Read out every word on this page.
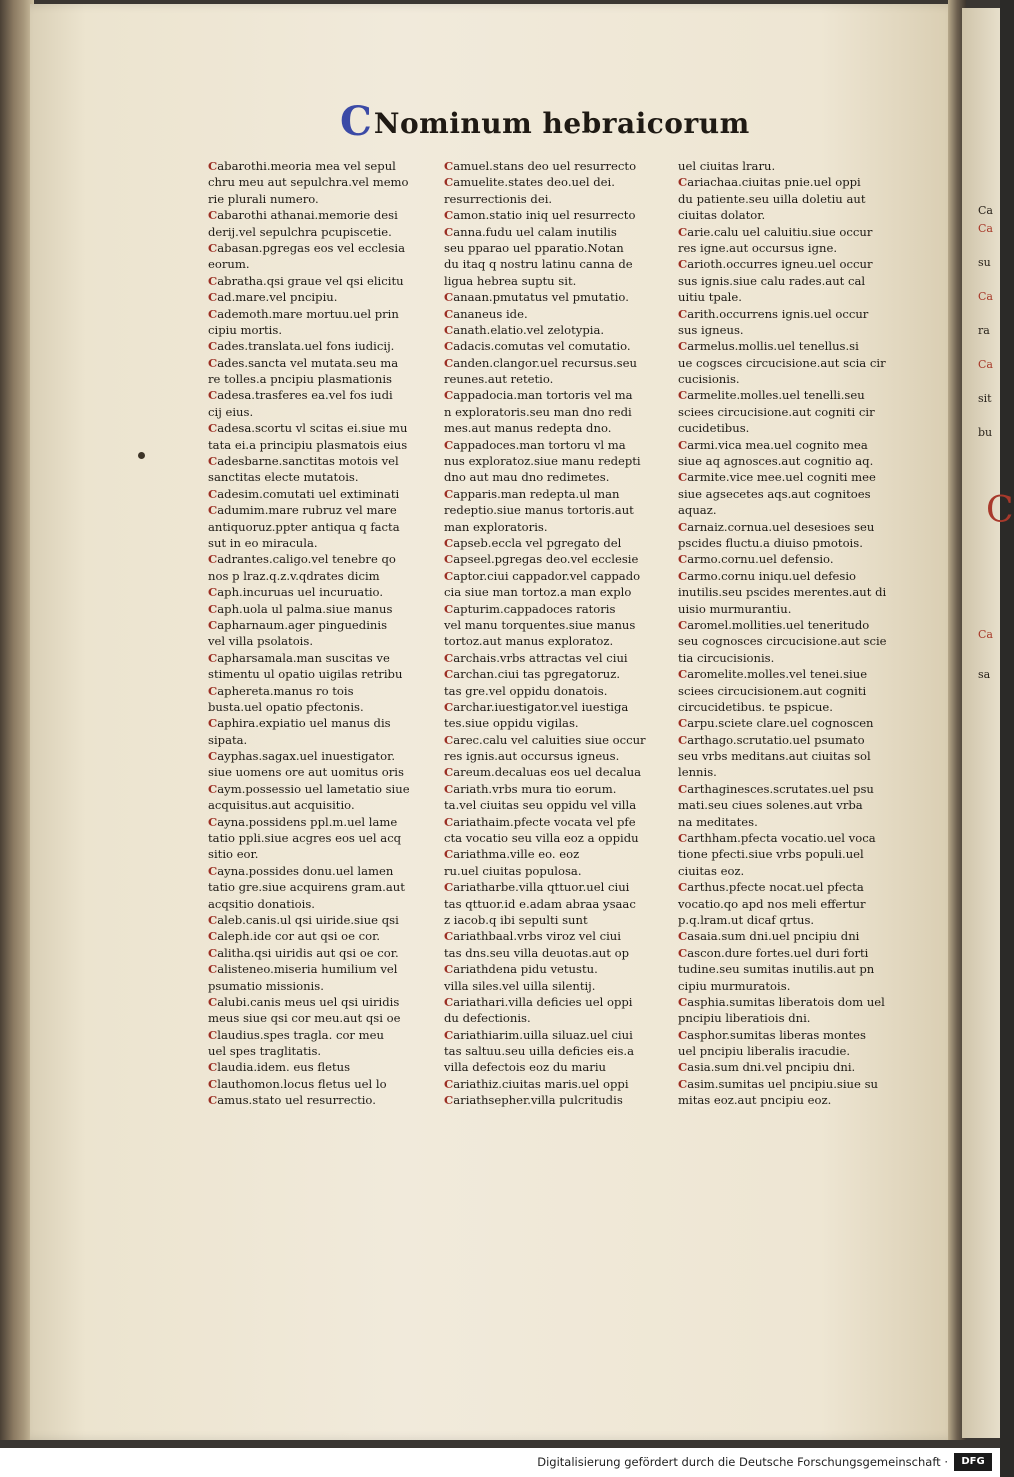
C
Ca
Ca
su
Ca
ra
Ca
sit
bu
Ca
sa
CNominum hebraicorum
Cabarothi.meoria mea vel sepul
chru meu aut sepulchra.vel memo
rie plurali numero.
Cabarothi athanai.memorie desi
derij.vel sepulchra pcupiscetie.
Cabasan.pgregas eos vel ecclesia
eorum.
Cabratha.qsi graue vel qsi elicitu
Cad.mare.vel pncipiu.
Cademoth.mare mortuu.uel prin
cipiu mortis.
Cades.translata.uel fons iudicij.
Cades.sancta vel mutata.seu ma
re tolles.a pncipiu plasmationis
Cadesa.trasferes ea.vel fos iudi
cij eius.
Cadesa.scortu vl scitas ei.siue mu
tata ei.a principiu plasmatois eius
Cadesbarne.sanctitas motois vel
sanctitas electe mutatois.
Cadesim.comutati uel extiminati
Cadumim.mare rubruz vel mare
antiquoruz.ppter antiqua q facta
sut in eo miracula.
Cadrantes.caligo.vel tenebre qo
nos p lraz.q.z.v.qdrates dicim
Caph.incuruas uel incuruatio.
Caph.uola ul palma.siue manus
Capharnaum.ager pinguedinis
vel villa psolatois.
Capharsamala.man suscitas ve
stimentu ul opatio uigilas retribu
Caphereta.manus ro tois
busta.uel opatio pfectonis.
Caphira.expiatio uel manus dis
sipata.
Cayphas.sagax.uel inuestigator.
siue uomens ore aut uomitus oris
Caym.possessio uel lametatio siue
acquisitus.aut acquisitio.
Cayna.possidens ppl.m.uel lame
tatio ppli.siue acgres eos uel acq
sitio eor.
Cayna.possides donu.uel lamen
tatio gre.siue acquirens gram.aut
acqsitio donatiois.
Caleb.canis.ul qsi uiride.siue qsi
Caleph.ide cor aut qsi oe cor.
Calitha.qsi uiridis aut qsi oe cor.
Calisteneo.miseria humilium vel
psumatio missionis.
Calubi.canis meus uel qsi uiridis
meus siue qsi cor meu.aut qsi oe
Claudius.spes tragla. cor meu
uel spes traglitatis.
Claudia.idem. eus fletus
Clauthomon.locus fletus uel lo
Camus.stato uel resurrectio.
Camuel.stans deo uel resurrecto
Camuelite.states deo.uel dei.
resurrectionis dei.
Camon.statio iniq uel resurrecto
Canna.fudu uel calam inutilis
seu pparao uel pparatio.Notan
du itaq q nostru latinu canna de
ligua hebrea suptu sit.
Canaan.pmutatus vel pmutatio.
Cananeus ide.
Canath.elatio.vel zelotypia.
Cadacis.comutas vel comutatio.
Canden.clangor.uel recursus.seu
reunes.aut retetio.
Cappadocia.man tortoris vel ma
n exploratoris.seu man dno redi
mes.aut manus redepta dno.
Cappadoces.man tortoru vl ma
nus exploratoz.siue manu redepti
dno aut mau dno redimetes.
Capparis.man redepta.ul man
redeptio.siue manus tortoris.aut
man exploratoris.
Capseb.eccla vel pgregato del
Capseel.pgregas deo.vel ecclesie
Captor.ciui cappador.vel cappado
cia siue man tortoz.a man explo
Capturim.cappadoces ratoris
vel manu torquentes.siue manus
tortoz.aut manus exploratoz.
Carchais.vrbs attractas vel ciui
Carchan.ciui tas pgregatoruz.
tas gre.vel oppidu donatois.
Carchar.iuestigator.vel iuestiga
tes.siue oppidu vigilas.
Carec.calu vel caluities siue occur
res ignis.aut occursus igneus.
Careum.decaluas eos uel decalua
Cariath.vrbs mura tio eorum.
ta.vel ciuitas seu oppidu vel villa
Cariathaim.pfecte vocata vel pfe
cta vocatio seu villa eoz a oppidu
Cariathma.ville eo. eoz
ru.uel ciuitas populosa.
Cariatharbe.villa qttuor.uel ciui
tas qttuor.id e.adam abraa ysaac
z iacob.q ibi sepulti sunt
Cariathbaal.vrbs viroz vel ciui
tas dns.seu villa deuotas.aut op
Cariathdena pidu vetustu.
villa siles.vel uilla silentij.
Cariathari.villa deficies uel oppi
du defectionis.
Cariathiarim.uilla siluaz.uel ciui
tas saltuu.seu uilla deficies eis.a
villa defectois eoz du mariu
Cariathiz.ciuitas maris.uel oppi
Cariathsepher.villa pulcritudis
uel ciuitas lraru.
Cariachaa.ciuitas pnie.uel oppi
du patiente.seu uilla doletiu aut
ciuitas dolator.
Carie.calu uel caluitiu.siue occur
res igne.aut occursus igne.
Carioth.occurres igneu.uel occur
sus ignis.siue calu rades.aut cal
uitiu tpale.
Carith.occurrens ignis.uel occur
sus igneus.
Carmelus.mollis.uel tenellus.si
ue cogsces circucisione.aut scia cir
cucisionis.
Carmelite.molles.uel tenelli.seu
sciees circucisione.aut cogniti cir
cucidetibus.
Carmi.vica mea.uel cognito mea
siue aq agnosces.aut cognitio aq.
Carmite.vice mee.uel cogniti mee
siue agsecetes aqs.aut cognitoes
aquaz.
Carnaiz.cornua.uel desesioes seu
pscides fluctu.a diuiso pmotois.
Carmo.cornu.uel defensio.
Carmo.cornu iniqu.uel defesio
inutilis.seu pscides merentes.aut di
uisio murmurantiu.
Caromel.mollities.uel teneritudo
seu cognosces circucisione.aut scie
tia circucisionis.
Caromelite.molles.vel tenei.siue
sciees circucisionem.aut cogniti
circucidetibus. te pspicue.
Carpu.sciete clare.uel cognoscen
Carthago.scrutatio.uel psumato
seu vrbs meditans.aut ciuitas sol
lennis.
Carthaginesces.scrutates.uel psu
mati.seu ciues solenes.aut vrba
na meditates.
Carthham.pfecta vocatio.uel voca
tione pfecti.siue vrbs populi.uel
ciuitas eoz.
Carthus.pfecte nocat.uel pfecta
vocatio.qo apd nos meli effertur
p.q.lram.ut dicaf qrtus.
Casaia.sum dni.uel pncipiu dni
Cascon.dure fortes.uel duri forti
tudine.seu sumitas inutilis.aut pn
cipiu murmuratois.
Casphia.sumitas liberatois dom uel
pncipiu liberatiois dni.
Casphor.sumitas liberas montes
uel pncipiu liberalis iracudie.
Casia.sum dni.vel pncipiu dni.
Casim.sumitas uel pncipiu.siue su
mitas eoz.aut pncipiu eoz.
Digitalisierung gefördert durch die Deutsche Forschungsgemeinschaft ·	DFG
